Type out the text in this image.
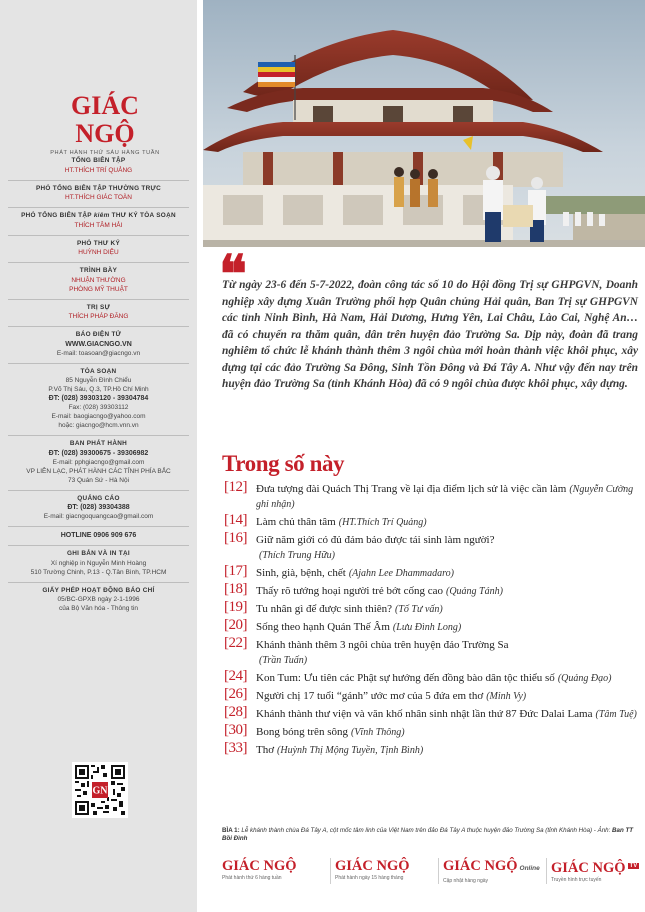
GIÁC NGỘ
PHÁT HÀNH THỨ SÁU HÀNG TUẦN
TỔNG BIÊN TẬP
HT.THÍCH TRÍ QUẢNG
PHÓ TỔNG BIÊN TẬP THƯỜNG TRỰC
HT.THÍCH GIÁC TOÀN
PHÓ TỔNG BIÊN TẬP kiêm THƯ KÝ TÒA SOẠN
THÍCH TÂM HẢI
PHÓ THƯ KÝ
HUỲNH DIỆU
TRÌNH BÀY
NHUẬN THƯỜNG
PHÒNG MỸ THUẬT
TRỊ SỰ
THÍCH PHÁP ĐĂNG
BÁO ĐIỆN TỬ
WWW.GIACNGO.VN
E-mail: toasoan@giacngo.vn
TÒA SOẠN
85 Nguyễn Đình Chiểu
P.Võ Thị Sáu, Q.3, TP.Hồ Chí Minh
ĐT: (028) 39303120 - 39304784
Fax: (028) 39303112
E-mail: baogiacngo@yahoo.com
hoặc: giacngo@hcm.vnn.vn
BAN PHÁT HÀNH
ĐT: (028) 39300675 - 39306982
E-mail: pphgiacngo@gmail.com
VP LIÊN LẠC, PHÁT HÀNH CÁC TỈNH PHÍA BẮC
73 Quán Sứ - Hà Nội
QUẢNG CÁO
ĐT: (028) 39304388
E-mail: giacngoquangcao@gmail.com
HOTLINE 0906 909 676
GHI BẢN VÀ IN TẠI
Xí nghiệp in Nguyễn Minh Hoàng
510 Trường Chinh, P.13 - Q.Tân Bình, TP.HCM
GIẤY PHÉP HOẠT ĐỘNG BÁO CHÍ
05/BC-GPXB ngày 2-1-1996
của Bộ Văn hóa - Thông tin
GN
❝

Từ ngày 23-6 đến 5-7-2022, đoàn công tác số 10 do Hội đồng Trị sự GHPGVN, Doanh nghiệp xây dựng Xuân Trường phối hợp Quân chủng Hải quân, Ban Trị sự GHPGVN các tỉnh Ninh Bình, Hà Nam, Hải Dương, Hưng Yên, Lai Châu, Lào Cai, Nghệ An… đã có chuyến ra thăm quân, dân trên huyện đảo Trường Sa. Dịp này, đoàn đã trang nghiêm tổ chức lễ khánh thành thêm 3 ngôi chùa mới hoàn thành việc khôi phục, xây dựng tại các đảo Trường Sa Đông, Sinh Tồn Đông và Đá Tây A. Như vậy đến nay trên huyện đảo Trường Sa (tỉnh Khánh Hòa) đã có 9 ngôi chùa được khôi phục, xây dựng.

Trong số này
[12] Đưa tượng đài Quách Thị Trang về lại địa điểm lịch sử là việc cần làm (Nguyễn Cường ghi nhận)
[14] Làm chủ thân tâm (HT.Thích Trí Quảng)
[16] Giữ năm giới có đủ đảm bảo được tái sinh làm người?
(Thích Trung Hữu)
[17] Sinh, già, bệnh, chết (Ajahn Lee Dhammadaro)
[18] Thấy rõ tướng hoại người trẻ bớt cống cao (Quảng Tánh)
[19] Tu nhân gì để được sinh thiên? (Tố Tư vấn)
[20] Sống theo hạnh Quán Thế Âm (Lưu Đình Long)
[22] Khánh thành thêm 3 ngôi chùa trên huyện đảo Trường Sa
(Trần Tuấn)
[24] Kon Tum: Ưu tiên các Phật sự hướng đến đồng bào dân tộc thiểu số (Quảng Đạo)
[26] Người chị 17 tuổi “gánh” ước mơ của 5 đứa em thơ (Minh Vy)
[28] Khánh thành thư viện và văn khố nhân sinh nhật lần thứ 87 Đức Dalai Lama (Tâm Tuệ)
[30] Bong bóng trên sông (Vĩnh Thông)
[33] Thơ (Huỳnh Thị Mộng Tuyền, Tịnh Bình)

BÌA 1: Lễ khánh thành chùa Đá Tây A, cột mốc tâm linh của Việt Nam trên đảo Đá Tây A thuộc huyện đảo Trường Sa (tỉnh Khánh Hòa) - Ảnh: Ban TT Bồi Đình

GIÁC NGỘ
Phát hành thứ 6 hàng tuần
GIÁC NGỘ
Phát hành ngày 15 hàng tháng
GIÁC NGỘ Online
Cập nhật hàng ngày
GIÁC NGỘ $^{TV}$
Truyền hình trực tuyến
